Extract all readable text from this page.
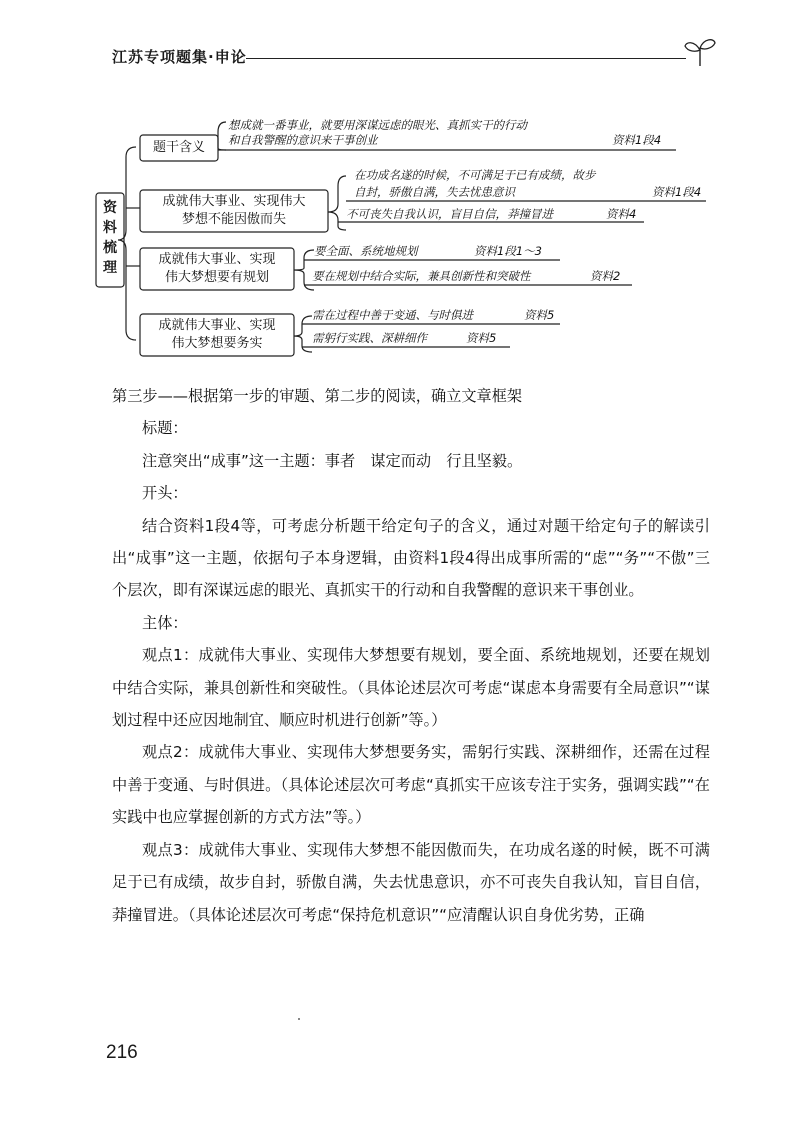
江苏专项题集·申论
资料梳理
题干含义
想成就一番事业，就要用深谋远虑的眼光、真抓实干的行动
和自我警醒的意识来干事创业	资料1段4
成就伟大事业、实现伟大
梦想不能因傲而失
在功成名遂的时候，不可满足于已有成绩，故步
自封，骄傲自满，失去忧患意识	资料1段4
不可丧失自我认识，盲目自信，莽撞冒进	资料4
成就伟大事业、实现
伟大梦想要有规划
要全面、系统地规划	资料1段1～3
要在规划中结合实际，兼具创新性和突破性	资料2
成就伟大事业、实现
伟大梦想要务实
需在过程中善于变通、与时俱进	资料5
需躬行实践、深耕细作	资料5

第三步——根据第一步的审题、第二步的阅读，确立文章框架

标题：

注意突出“成事”这一主题：事者　谋定而动　行且坚毅。

开头：

结合资料1段4等，可考虑分析题干给定句子的含义，通过对题干给定句子的解读引出“成事”这一主题，依据句子本身逻辑，由资料1段4得出成事所需的“虑”“务”“不傲”三个层次，即有深谋远虑的眼光、真抓实干的行动和自我警醒的意识来干事创业。

主体：

观点1：成就伟大事业、实现伟大梦想要有规划，要全面、系统地规划，还要在规划中结合实际，兼具创新性和突破性。（具体论述层次可考虑“谋虑本身需要有全局意识”“谋划过程中还应因地制宜、顺应时机进行创新”等。）

观点2：成就伟大事业、实现伟大梦想要务实，需躬行实践、深耕细作，还需在过程中善于变通、与时俱进。（具体论述层次可考虑“真抓实干应该专注于实务，强调实践”“在实践中也应掌握创新的方式方法”等。）

观点3：成就伟大事业、实现伟大梦想不能因傲而失，在功成名遂的时候，既不可满足于已有成绩，故步自封，骄傲自满，失去忧患意识，亦不可丧失自我认知，盲目自信，莽撞冒进。（具体论述层次可考虑“保持危机意识”“应清醒认识自身优劣势，正确

216
